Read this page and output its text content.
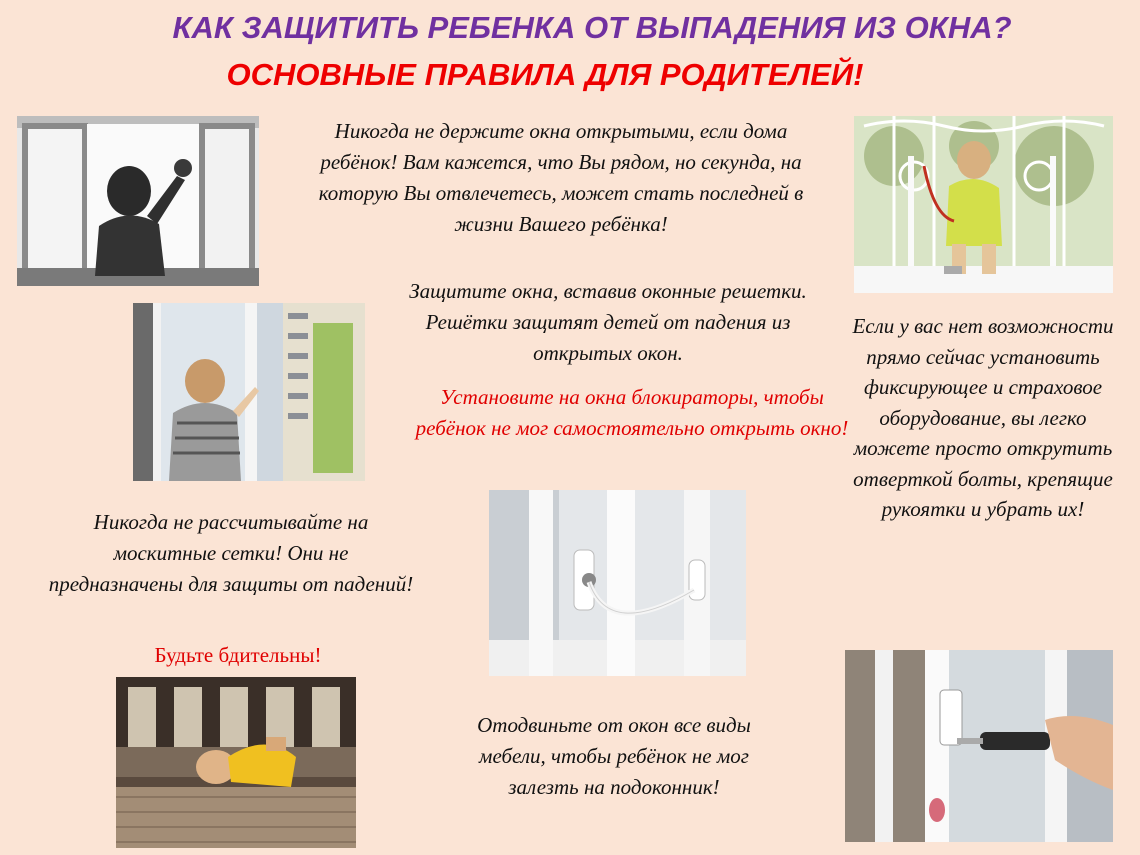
КАК ЗАЩИТИТЬ РЕБЕНКА ОТ ВЫПАДЕНИЯ ИЗ ОКНА?
ОСНОВНЫЕ ПРАВИЛА ДЛЯ РОДИТЕЛЕЙ!

Никогда не держите окна открытыми, если дома ребёнок! Вам кажется, что Вы рядом, но секунда, на которую Вы отвлечетесь, может стать последней в жизни Вашего ребёнка!

Защитите окна, вставив оконные решетки. Решётки защитят детей от падения из открытых окон.

Установите на окна блокираторы, чтобы ребёнок не мог самостоятельно открыть окно!

Никогда не рассчитывайте на москитные сетки! Они не предназначены для защиты от падений!

Будьте бдительны!

Отодвиньте от окон все виды мебели, чтобы ребёнок не мог залезть на подоконник!

Если у вас нет возможности прямо сейчас установить фиксирующее и страховое оборудование, вы легко можете просто открутить отверткой болты, крепящие рукоятки и убрать их!
